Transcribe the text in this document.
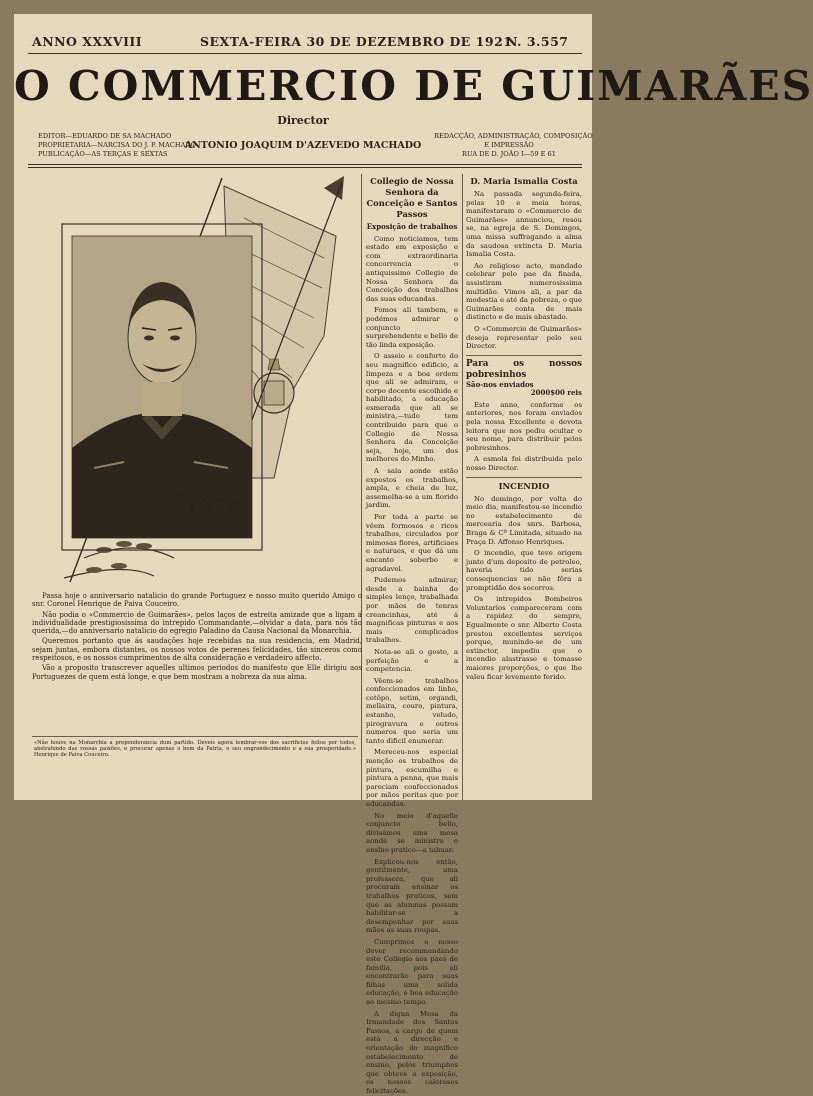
ANNO XXXVIII	SEXTA-FEIRA 30 DE DEZEMBRO DE 1921
N. 3.557
O COMMERCIO DE GUIMARÃES
Director
EDITOR—EDUARDO DE SA MACHADO
PROPRIETARIA—NARCISA DO J. P. MACHADO
PUBLICAÇÃO—AS TERÇAS E SEXTAS
ANTONIO JOAQUIM D'AZEVEDO MACHADO
REDACÇÃO, ADMINISTRAÇÃO, COMPOSIÇÃO
E IMPRESSÃO
RUA DE D. JOÃO I—59 E 61

Passa hoje o anniversario natalicio do grande Portuguez e nosso muito querido Amigo o snr. Coronel Henrique de Paiva Couceiro.

Não podia o «Commercio de Guimarães», pelos laços de estreita amizade que a ligam á individualidade prestigiosissima do intrepido Commandante,—olvidar a data, para nós tão querida,—do anniversario natalicio do egregio Paladino da Causa Nacional da Monarchia.

Queremos portanto que ás saudações hoje recebidas na sua residencia, em Madrid, sejam juntas, embora distantes, os nossos votos de perenes felicidades, tão sinceros como respeitosos, e os nossos cumprimentos de alta consideração e verdadeiro affecto.

Vão a proposito transcrever aquelles ultimos periodos do manifesto que Elle dirigiu aos Portuguezes de quem está longe, e que bem mostram a nobreza da sua alma.

«Não houve na Monarchia a preponderancia dum partido. Deveis agora lembrar-vos dos sacrificios feitos por todos, abstrahindo das vossas paixões, e procurar apenas o bem da Patria, o seu engrandecimento e a sua prosperidade.» Henrique de Paiva Couceiro.
Collegio de Nossa Senhora da Conceição e Santos Passos
Exposição de trabalhos

Como noticiamos, tem estado em exposição e com extraordinaria concorrencia o antiquissimo Collegio de Nossa Senhora da Conceição dos trabalhos das suas educandas.

Fomos ali tambem, e podémos admirar o conjuncto surprehendente e bello de tão linda exposição.

O asseio e conforto do seu magnifico edificio, a limpeza e a boa ordem que ali se admiram, o corpo docente escolhido e habilitado, a educação esmerada que ali se ministra,—tudo tem contribuido para que o Collegio de Nossa Senhora da Conceição seja, hoje, um dos melhores do Minho.

A sala aonde estão expostos os trabalhos, ampla, e cheia de luz, assemelha-se a um florido jardim.

Por toda a parte se vêem formosos e ricos trabalhos, circulados por mimosas flores, artificiaes e naturaes, e que dá um encanto soberbo e agradavel.

Pudemos admirar, desde a bainha do simples lenço, trabalhada por mãos de tenras creancinhas, até á magnificas pinturas e aos mais complicados trabalhos.

Nota-se ali o gosto, a perfeição e a competencia.

Vêem-se trabalhos confeccionados em linho, cetôpo, setim, organdi, mellaira, couro, pintura, estanho, veludo, pirogravura e outros numeros que seria um tanto dificil enumerar.

Mereceu-nos especial menção os trabalhos de pintura, escumilha e pintura a penna, que mais pareciam confeccionados por mãos peritas que por educandas.

No meio d'aquelle conjuncto bello, divisámos uma mesa aonde se ministra o ensino pratico—a tabuar.

Explicou-nos então, gentilmente, uma professora, que ali procuram ensinar os trabalhos praticos, sem que as alumnas possam habilitar-se a desempenhar por suas mãos as suas roupas.

Cumprimos o nosso dever recommendando este Collegio aos paes de familia, pois ali encontrarão para suas filhas uma solida educação, e boa educação ao mesmo tempo.

A digna Mesa da Irmandade dos Santos Passos, a cargo de quem está a direcção e orientação do magnifico estabelecimento de ensino, pelos triumphos que obteve a exposição, os nossos calorosos felicitações.

D. Maria Ismalia Costa

Na passada segunda-feira, pelas 10 e meia horas, manifestaram o «Commercio de Guimarães» annunciou, resou se, na egreja de S. Domingos, uma missa suffragando a alma da saudosa extincta D. Maria Ismalia Costa.

Ao religioso acto, mandado celebrar pelo pae da finada, assistiram numerosissima multidão. Vimos ali, a par da modestia e até da pobreza, o que Guimarães conta de mais distincto e de mais abastado.

O «Commercio de Guimarães» deseja representar pelo seu Director.

Para os nossos pobresinhos
São-nos enviados
2000$00 reis

Este anno, conforme os anteriores, nos foram enviados pela nossa Excellente e devota leitora que nos pediu ocultar o seu nome, para distribuir pelos pobresinhos.

A esmola foi distribuida pelo nosso Director.

INCENDIO

No domingo, por volta do meio dia, manifestou-se incendio no estabelecimento de mercearia dos snrs. Barbosa, Braga & Cª Limitada, situado na Praça D. Affonso Henriques.

O incendio, que teve origem junto d'um deposito de petroleo, haveria tido serias consequencias se não fôra a promptidão dos socorros.

Os intrepidos Bombeiros Voluntarios compareceram com a rapidez do sempre, Egualmente o snr. Alberto Costa prestou excellentes serviços porque, munindo-se de um extinctor, impediu que o incendio alastrasse e tomasse maiores proporções, o que lhe valeu ficar levemente ferido.
